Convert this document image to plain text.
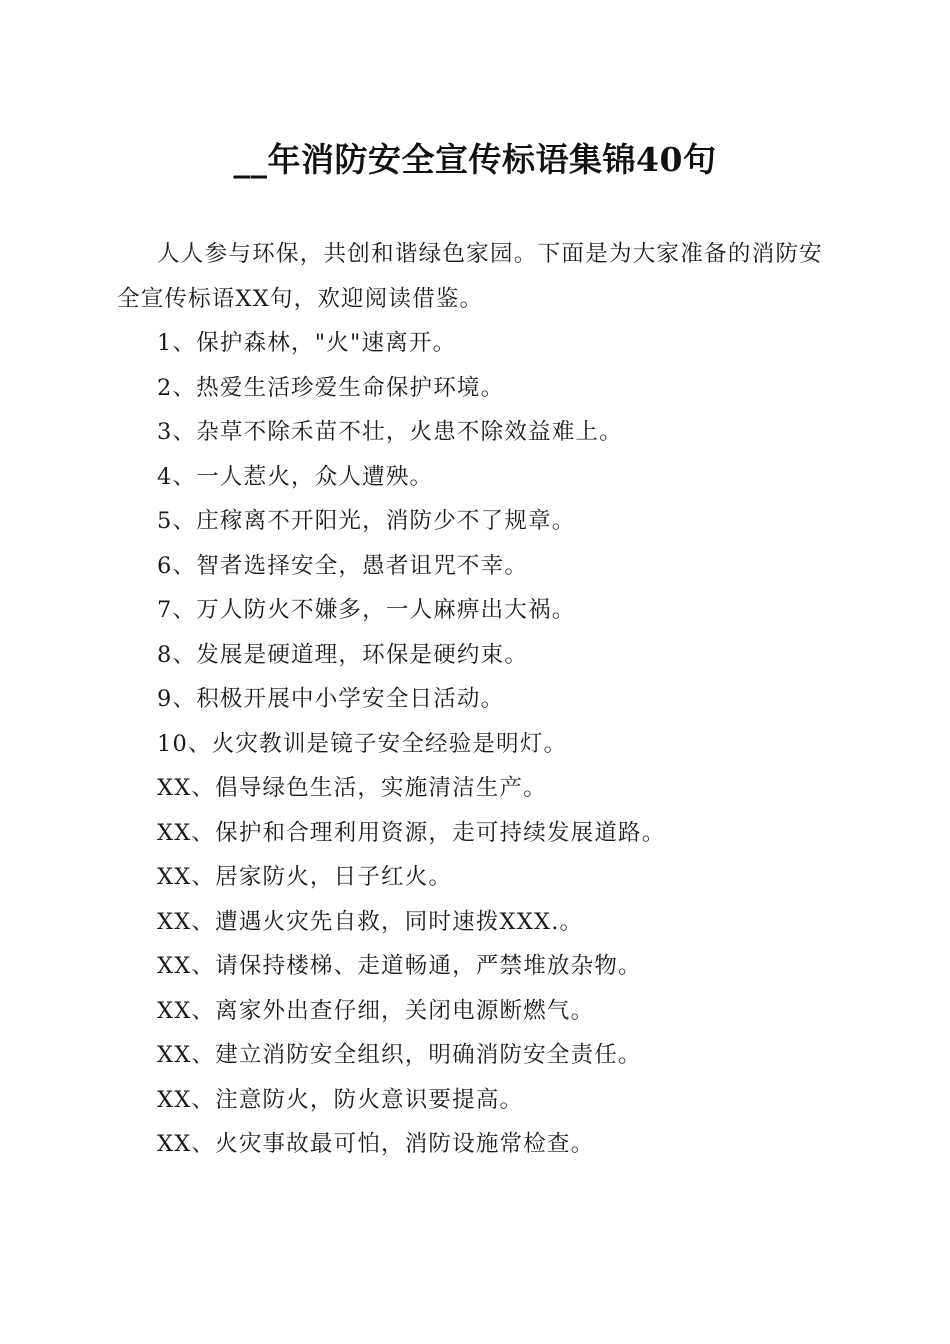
__年消防安全宣传标语集锦40句

人人参与环保，共创和谐绿色家园。下面是为大家准备的消防安全宣传标语XX句，欢迎阅读借鉴。

1、保护森林，"火"速离开。
2、热爱生活珍爱生命保护环境。
3、杂草不除禾苗不壮，火患不除效益难上。
4、一人惹火，众人遭殃。
5、庄稼离不开阳光，消防少不了规章。
6、智者选择安全，愚者诅咒不幸。
7、万人防火不嫌多，一人麻痹出大祸。
8、发展是硬道理，环保是硬约束。
9、积极开展中小学安全日活动。
10、火灾教训是镜子安全经验是明灯。
XX、倡导绿色生活，实施清洁生产。
XX、保护和合理利用资源，走可持续发展道路。
XX、居家防火，日子红火。
XX、遭遇火灾先自救，同时速拨XXX.。
XX、请保持楼梯、走道畅通，严禁堆放杂物。
XX、离家外出查仔细，关闭电源断燃气。
XX、建立消防安全组织，明确消防安全责任。
XX、注意防火，防火意识要提高。
XX、火灾事故最可怕，消防设施常检查。
